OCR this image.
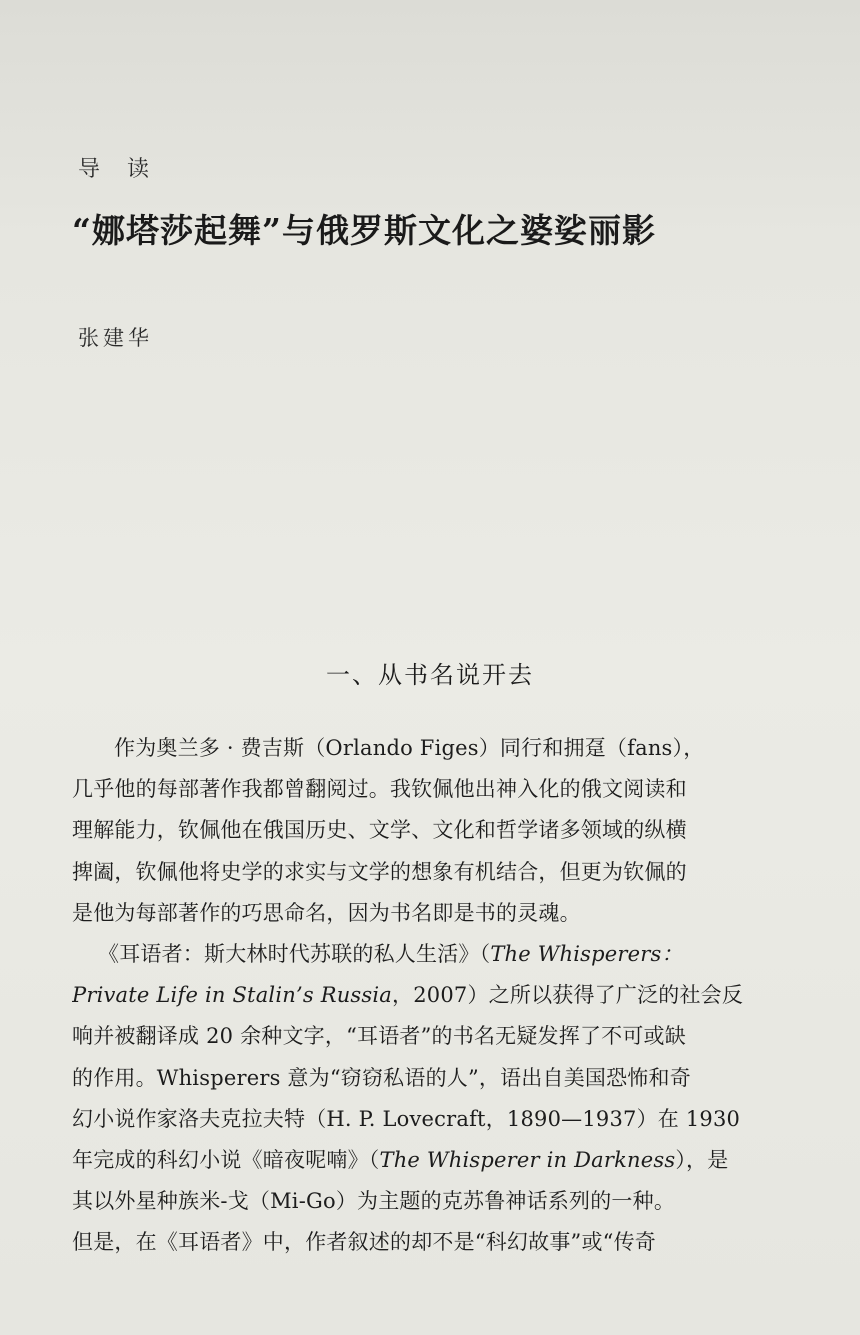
导 读
“娜塔莎起舞”与俄罗斯文化之婆娑丽影
张建华
一、从书名说开去

作为奥兰多 · 费吉斯（Orlando Figes）同行和拥趸（fans），
几乎他的每部著作我都曾翻阅过。我钦佩他出神入化的俄文阅读和
理解能力，钦佩他在俄国历史、文学、文化和哲学诸多领域的纵横
捭阖，钦佩他将史学的求实与文学的想象有机结合，但更为钦佩的
是他为每部著作的巧思命名，因为书名即是书的灵魂。

《耳语者：斯大林时代苏联的私人生活》（The Whisperers：
Private Life in Stalin’s Russia，2007）之所以获得了广泛的社会反
响并被翻译成 20 余种文字，“耳语者”的书名无疑发挥了不可或缺
的作用。Whisperers 意为“窃窃私语的人”，语出自美国恐怖和奇
幻小说作家洛夫克拉夫特（H. P. Lovecraft，1890—1937）在 1930
年完成的科幻小说《暗夜呢喃》（The Whisperer in Darkness），是
其以外星种族米-戈（Mi-Go）为主题的克苏鲁神话系列的一种。
但是，在《耳语者》中，作者叙述的却不是“科幻故事”或“传奇
